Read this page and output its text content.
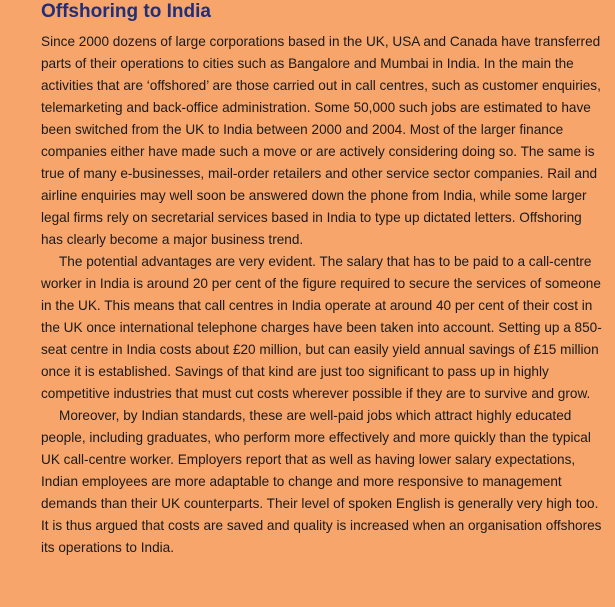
Offshoring to India

Since 2000 dozens of large corporations based in the UK, USA and Canada have transferred parts of their operations to cities such as Bangalore and Mumbai in India. In the main the activities that are ‘offshored’ are those carried out in call centres, such as customer enquiries, telemarketing and back-office administration. Some 50,000 such jobs are estimated to have been switched from the UK to India between 2000 and 2004. Most of the larger finance companies either have made such a move or are actively considering doing so. The same is true of many e-businesses, mail-order retailers and other service sector companies. Rail and airline enquiries may well soon be answered down the phone from India, while some larger legal firms rely on secretarial services based in India to type up dictated letters. Offshoring has clearly become a major business trend.

The potential advantages are very evident. The salary that has to be paid to a call-centre worker in India is around 20 per cent of the figure required to secure the services of someone in the UK. This means that call centres in India operate at around 40 per cent of their cost in the UK once international telephone charges have been taken into account. Setting up a 850-seat centre in India costs about £20 million, but can easily yield annual savings of £15 million once it is established. Savings of that kind are just too significant to pass up in highly competitive industries that must cut costs wherever possible if they are to survive and grow.

Moreover, by Indian standards, these are well-paid jobs which attract highly educated people, including graduates, who perform more effectively and more quickly than the typical UK call-centre worker. Employers report that as well as having lower salary expectations, Indian employees are more adaptable to change and more responsive to management demands than their UK counterparts. Their level of spoken English is generally very high too. It is thus argued that costs are saved and quality is increased when an organisation offshores its operations to India.
